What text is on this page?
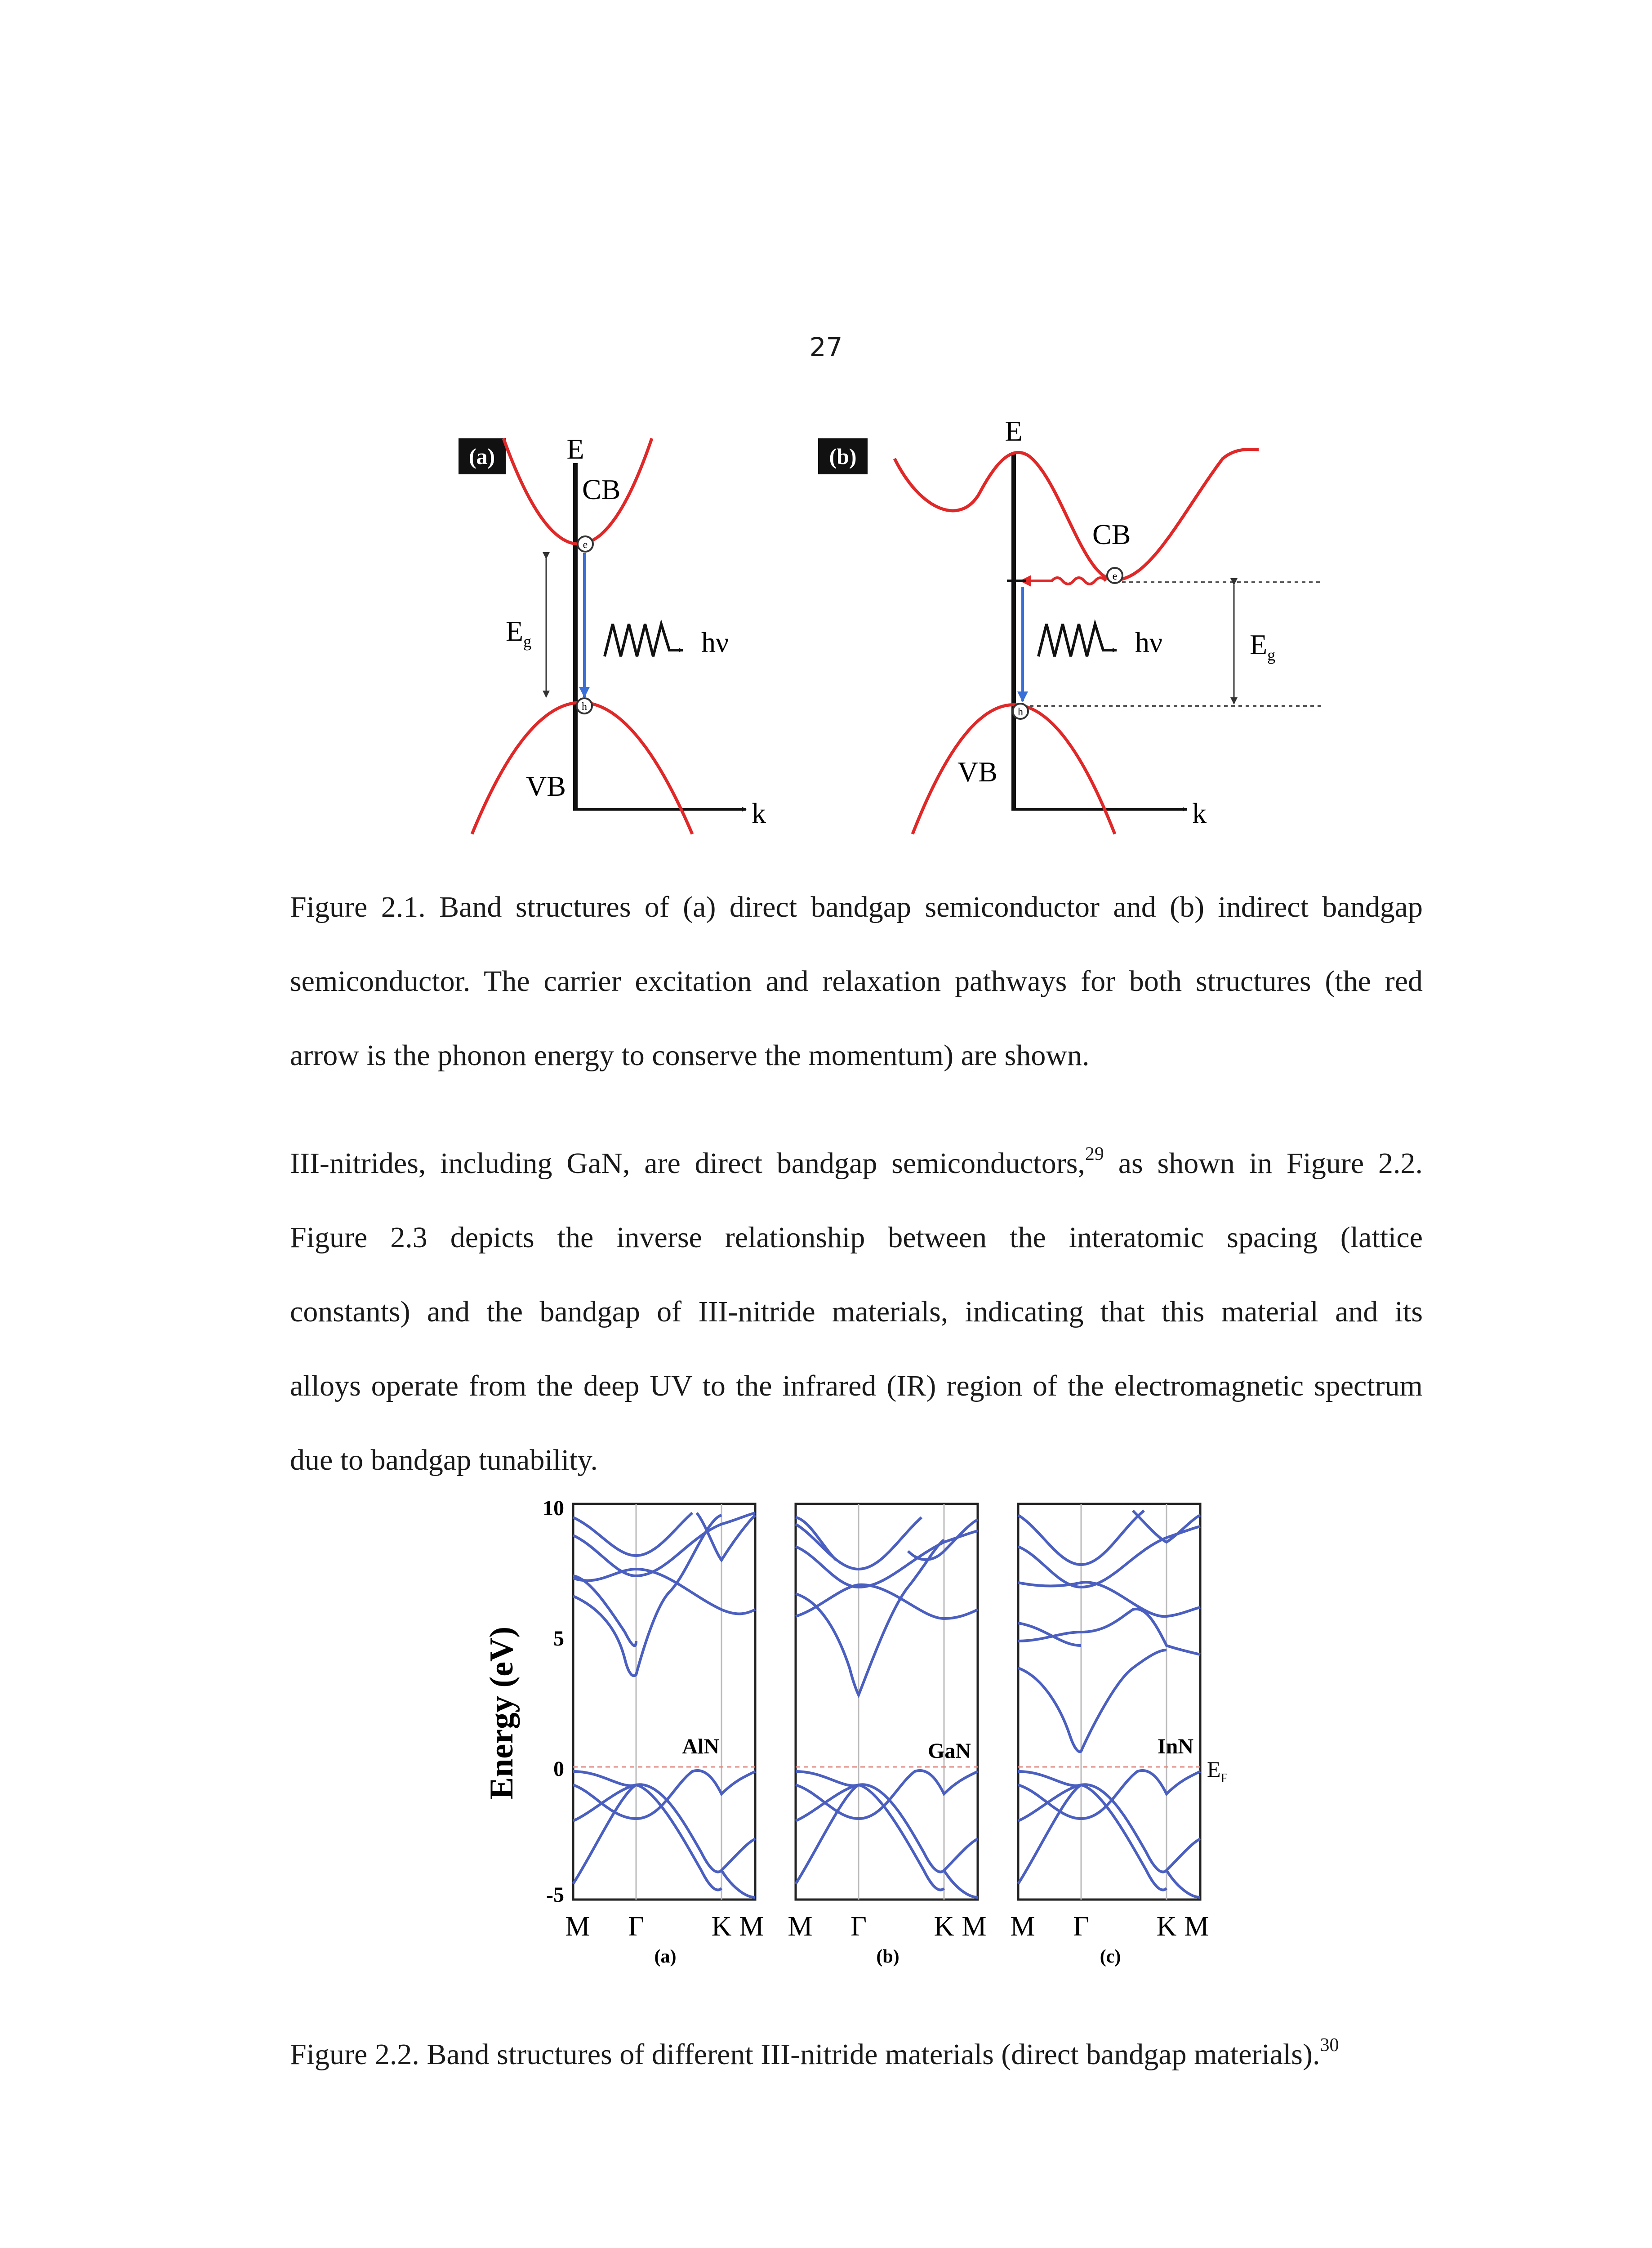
27
(a) E
k
CB
VB
e
h
$E_g$	hν
(b)
E
k
CB
VB
e
h
$E_g$
hν
Figure 2.1. Band structures of (a) direct bandgap semiconductor and (b) indirect bandgap
semiconductor. The carrier excitation and relaxation pathways for both structures (the red
arrow is the phonon energy to conserve the momentum) are shown.
III-nitrides, including GaN, are direct bandgap semiconductors,$^{29}$ as shown in Figure 2.2.
Figure 2.3 depicts the inverse relationship between the interatomic spacing (lattice
constants) and the bandgap of III-nitride materials, indicating that this material and its
alloys operate from the deep UV to the infrared (IR) region of the electromagnetic spectrum
due to bandgap tunability.
Energy (eV)
10
5
0
-5
AlN
M Γ K M
(a)
GaN
M Γ K M
(b)
InN
M Γ K M
(c)
$E_F$
Figure 2.2. Band structures of different III-nitride materials (direct bandgap materials).$^{30}$
